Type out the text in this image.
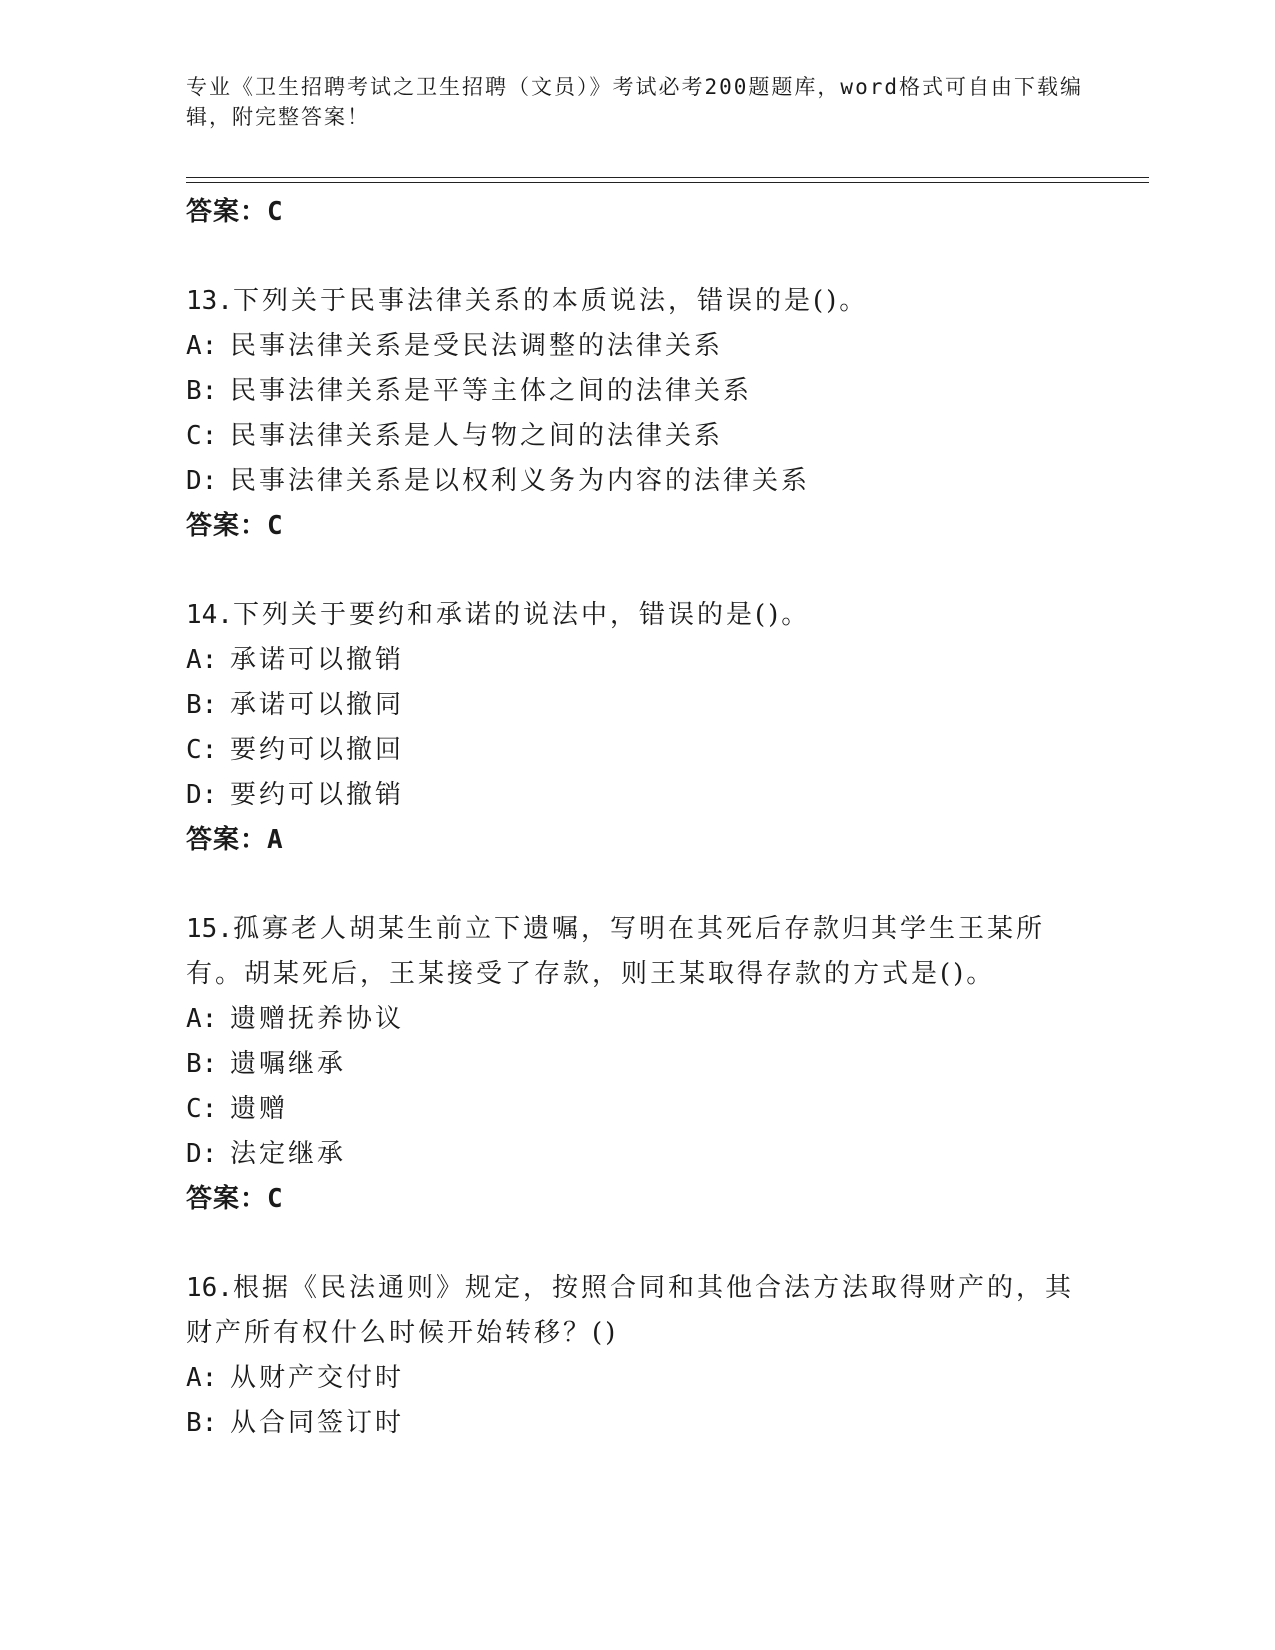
专业《卫生招聘考试之卫生招聘（文员）》考试必考200题题库，word格式可自由下载编辑，附完整答案！
答案：C
13.下列关于民事法律关系的本质说法，错误的是()。
A: 民事法律关系是受民法调整的法律关系
B: 民事法律关系是平等主体之间的法律关系
C: 民事法律关系是人与物之间的法律关系
D: 民事法律关系是以权利义务为内容的法律关系
答案：C
14.下列关于要约和承诺的说法中，错误的是()。
A: 承诺可以撤销
B: 承诺可以撤同
C: 要约可以撤回
D: 要约可以撤销
答案：A
15.孤寡老人胡某生前立下遗嘱，写明在其死后存款归其学生王某所有。胡某死后，王某接受了存款，则王某取得存款的方式是()。
A: 遗赠抚养协议
B: 遗嘱继承
C: 遗赠
D: 法定继承
答案：C
16.根据《民法通则》规定，按照合同和其他合法方法取得财产的，其财产所有权什么时候开始转移？()
A: 从财产交付时
B: 从合同签订时
